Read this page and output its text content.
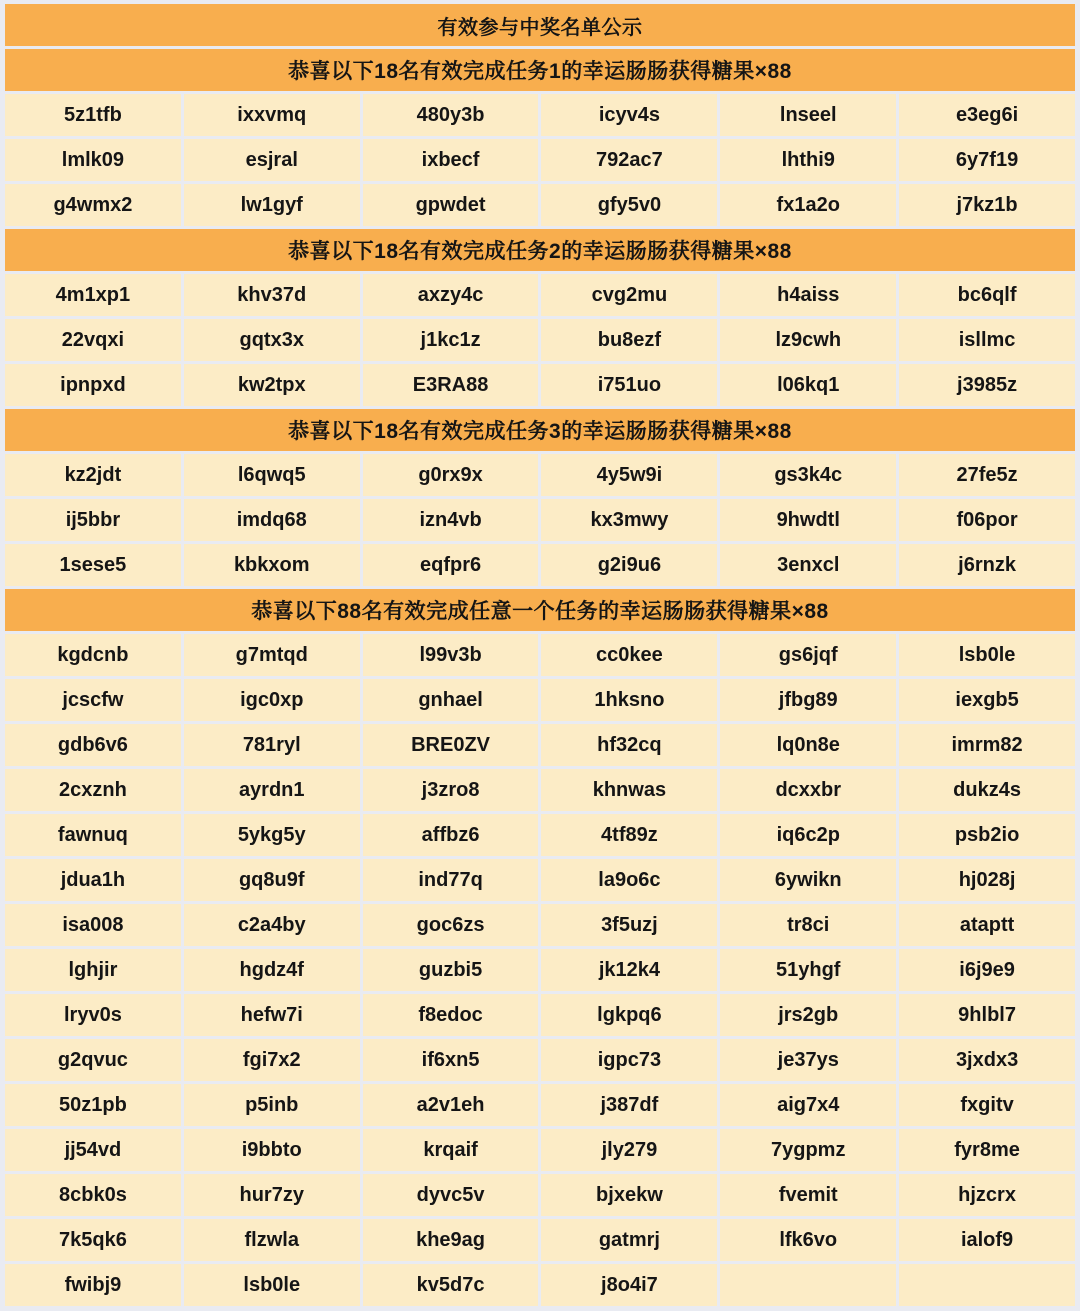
有效参与中奖名单公示
恭喜以下18名有效完成任务1的幸运肠肠获得糖果×88
5z1tfb	ixxvmq	480y3b	icyv4s	lnseel	e3eg6i
lmlk09	esjral	ixbecf	792ac7	lhthi9	6y7f19
g4wmx2	lw1gyf	gpwdet	gfy5v0	fx1a2o	j7kz1b
恭喜以下18名有效完成任务2的幸运肠肠获得糖果×88
4m1xp1	khv37d	axzy4c	cvg2mu	h4aiss	bc6qlf
22vqxi	gqtx3x	j1kc1z	bu8ezf	lz9cwh	isllmc
ipnpxd	kw2tpx	E3RA88	i751uo	l06kq1	j3985z
恭喜以下18名有效完成任务3的幸运肠肠获得糖果×88
kz2jdt	l6qwq5	g0rx9x	4y5w9i	gs3k4c	27fe5z
ij5bbr	imdq68	izn4vb	kx3mwy	9hwdtl	f06por
1sese5	kbkxom	eqfpr6	g2i9u6	3enxcl	j6rnzk
恭喜以下88名有效完成任意一个任务的幸运肠肠获得糖果×88
kgdcnb	g7mtqd	l99v3b	cc0kee	gs6jqf	lsb0le
jcscfw	igc0xp	gnhael	1hksno	jfbg89	iexgb5
gdb6v6	781ryl	BRE0ZV	hf32cq	lq0n8e	imrm82
2cxznh	ayrdn1	j3zro8	khnwas	dcxxbr	dukz4s
fawnuq	5ykg5y	affbz6	4tf89z	iq6c2p	psb2io
jdua1h	gq8u9f	ind77q	la9o6c	6ywikn	hj028j
isa008	c2a4by	goc6zs	3f5uzj	tr8ci	ataptt
lghjir	hgdz4f	guzbi5	jk12k4	51yhgf	i6j9e9
lryv0s	hefw7i	f8edoc	lgkpq6	jrs2gb	9hlbl7
g2qvuc	fgi7x2	if6xn5	igpc73	je37ys	3jxdx3
50z1pb	p5inb	a2v1eh	j387df	aig7x4	fxgitv
jj54vd	i9bbto	krqaif	jly279	7ygpmz	fyr8me
8cbk0s	hur7zy	dyvc5v	bjxekw	fvemit	hjzcrx
7k5qk6	flzwla	khe9ag	gatmrj	lfk6vo	ialof9
fwibj9	lsb0le	kv5d7c	j8o4i7
